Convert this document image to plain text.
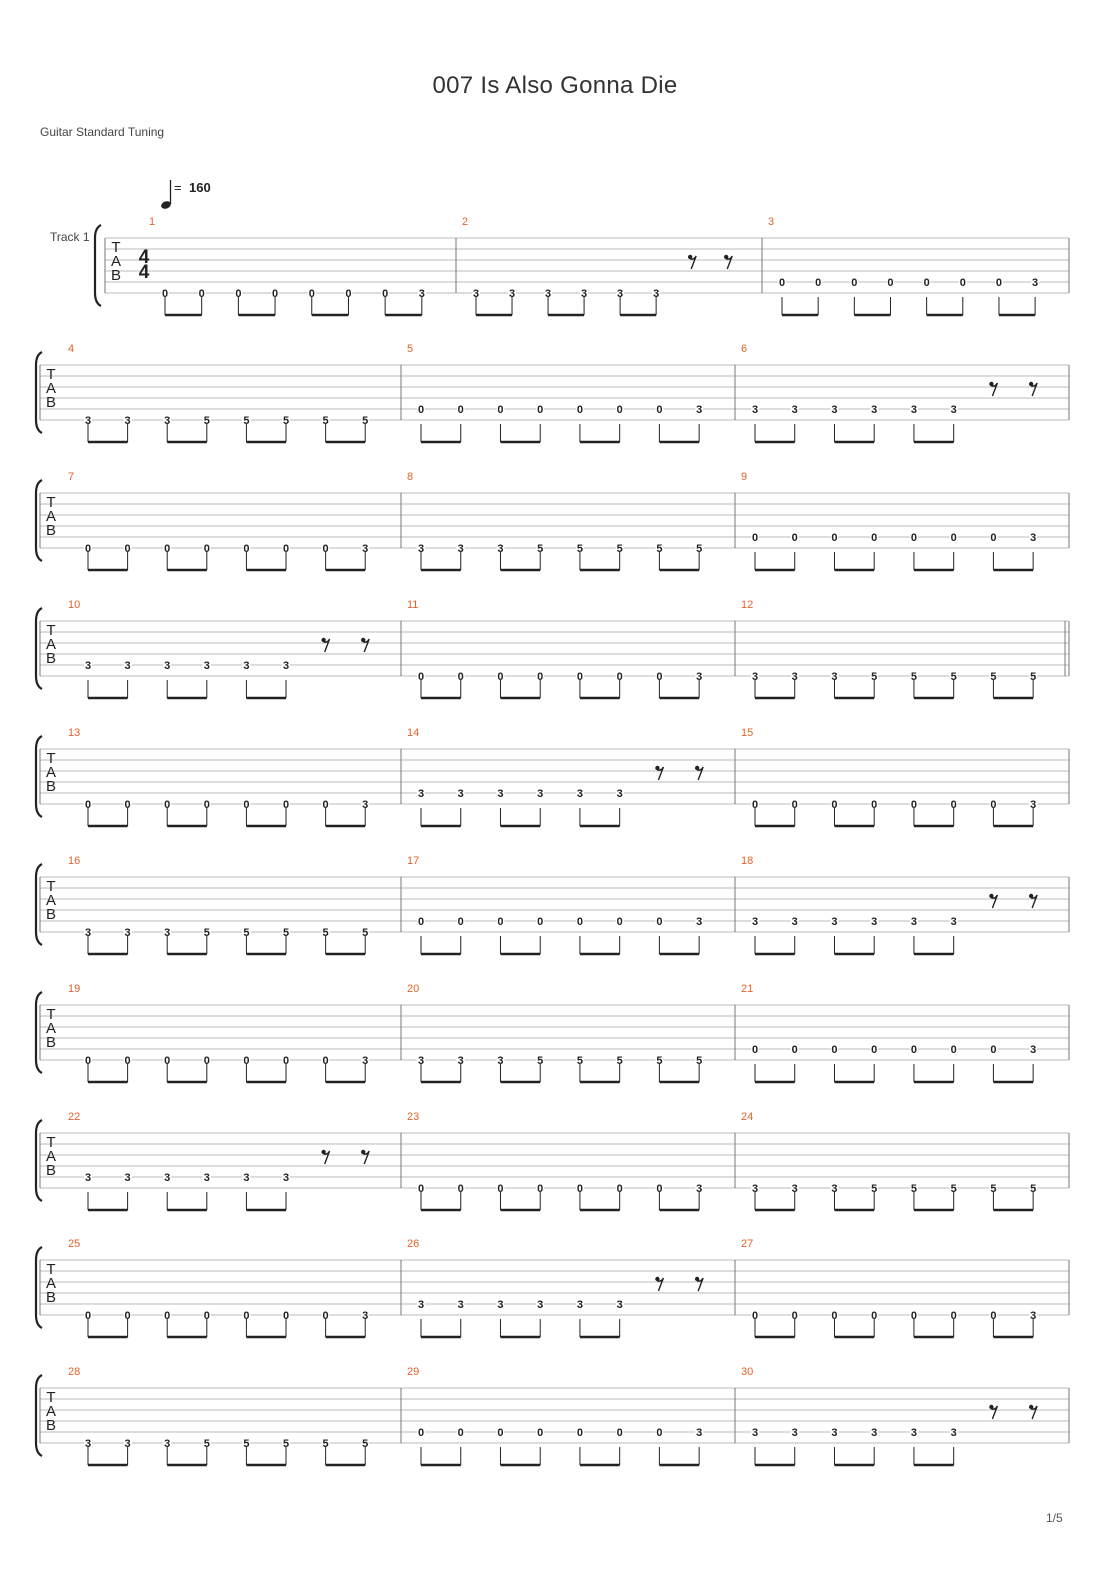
007 Is Also Gonna Die
Guitar Standard Tuning
= 160
Track 1
T
A
B
4
4
1
0	0	0	0	0	0	0	3
2
3	3	3	3	3	3
3
0	0	0	0	0	0	0	3
T
A
B
4
3	3	3	5	5	5	5	5
5
0	0	0	0	0	0	0	3
6
3	3	3	3	3	3
T
A
B
7
0	0	0	0	0	0	0	3
8
3	3	3	5	5	5	5	5
9
0	0	0	0	0	0	0	3
T
A
B
10
3	3	3	3	3	3
11
0	0	0	0	0	0	0	3
12
3	3	3	5	5	5	5	5
T
A
B
13
0	0	0	0	0	0	0	3
14
3	3	3	3	3	3
15
0	0	0	0	0	0	0	3
T
A
B
16
3	3	3	5	5	5	5	5
17
0	0	0	0	0	0	0	3
18
3	3	3	3	3	3
T
A
B
19
0	0	0	0	0	0	0	3
20
3	3	3	5	5	5	5	5
21
0	0	0	0	0	0	0	3
T
A
B
22
3	3	3	3	3	3
23
0	0	0	0	0	0	0	3
24
3	3	3	5	5	5	5	5
T
A
B
25
0	0	0	0	0	0	0	3
26
3	3	3	3	3	3
27
0	0	0	0	0	0	0	3
T
A
B
28
3	3	3	5	5	5	5	5
29
0	0	0	0	0	0	0	3
30
3	3	3	3	3	3
1/5
